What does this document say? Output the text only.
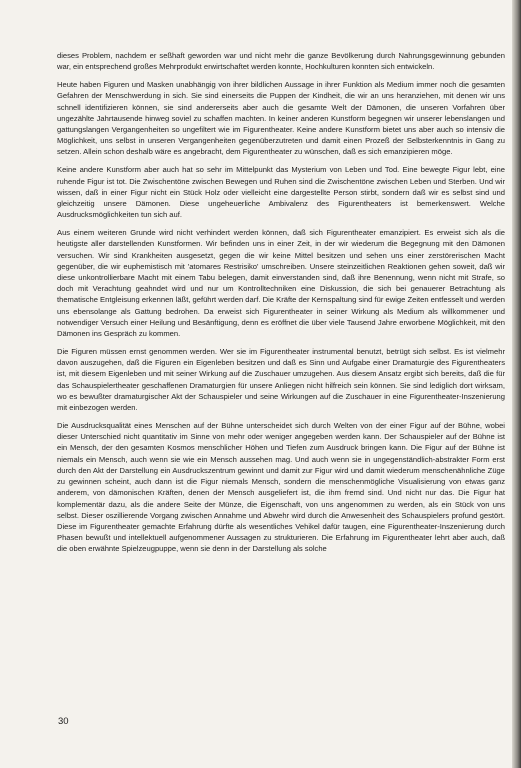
dieses Problem, nachdem er seßhaft geworden war und nicht mehr die ganze Bevölkerung durch Nahrungsgewinnung gebunden war, ein entsprechend großes Mehrprodukt erwirtschaftet werden konnte, Hochkulturen konnten sich entwickeln.

Heute haben Figuren und Masken unabhängig von ihrer bildlichen Aussage in ihrer Funktion als Medium immer noch die gesamten Gefahren der Menschwerdung in sich. Sie sind einerseits die Puppen der Kindheit, die wir an uns heranziehen, mit denen wir uns schnell identifizieren können, sie sind andererseits aber auch die gesamte Welt der Dämonen, die unseren Vorfahren über ungezählte Jahrtausende hinweg soviel zu schaffen machten. In keiner anderen Kunstform begegnen wir unserer lebenslangen und gattungslangen Vergangenheiten so ungefiltert wie im Figurentheater. Keine andere Kunstform bietet uns aber auch so intensiv die Möglichkeit, uns selbst in unseren Vergangenheiten gegenüberzutreten und damit einen Prozeß der Selbsterkenntnis in Gang zu setzen. Allein schon deshalb wäre es angebracht, dem Figurentheater zu wünschen, daß es sich emanzipieren möge.

Keine andere Kunstform aber auch hat so sehr im Mittelpunkt das Mysterium von Leben und Tod. Eine bewegte Figur lebt, eine ruhende Figur ist tot. Die Zwischentöne zwischen Bewegen und Ruhen sind die Zwischentöne zwischen Leben und Sterben. Und wir wissen, daß in einer Figur nicht ein Stück Holz oder vielleicht eine dargestellte Person stirbt, sondern daß wir es selbst sind und gleichzeitig unsere Dämonen. Diese ungeheuerliche Ambivalenz des Figurentheaters ist bemerkenswert. Welche Ausdrucksmöglichkeiten tun sich auf.

Aus einem weiteren Grunde wird nicht verhindert werden können, daß sich Figurentheater emanzipiert. Es erweist sich als die heutigste aller darstellenden Kunstformen. Wir befinden uns in einer Zeit, in der wir wiederum die Begegnung mit den Dämonen versuchen. Wir sind Krankheiten ausgesetzt, gegen die wir keine Mittel besitzen und sehen uns einer zerstörerischen Macht gegenüber, die wir euphemistisch mit 'atomares Restrisiko' umschreiben. Unsere steinzeitlichen Reaktionen gehen soweit, daß wir diese unkontrollierbare Macht mit einem Tabu belegen, damit einverstanden sind, daß ihre Benennung, wenn nicht mit Strafe, so doch mit Verachtung geahndet wird und nur um Kontrolltechniken eine Diskussion, die sich bei genauerer Betrachtung als thematische Entgleisung erkennen läßt, geführt werden darf. Die Kräfte der Kernspaltung sind für ewige Zeiten entfesselt und werden uns ebensolange als Gattung bedrohen. Da erweist sich Figurentheater in seiner Wirkung als Medium als willkommener und notwendiger Versuch einer Heilung und Besänftigung, denn es eröffnet die über viele Tausend Jahre erworbene Möglichkeit, mit den Dämonen ins Gespräch zu kommen.

Die Figuren müssen ernst genommen werden. Wer sie im Figurentheater instrumental benutzt, betrügt sich selbst. Es ist vielmehr davon auszugehen, daß die Figuren ein Eigenleben besitzen und daß es Sinn und Aufgabe einer Dramaturgie des Figurentheaters ist, mit diesem Eigenleben und mit seiner Wirkung auf die Zuschauer umzugehen. Aus diesem Ansatz ergibt sich bereits, daß die für das Schauspielertheater geschaffenen Dramaturgien für unsere Anliegen nicht hilfreich sein können. Sie sind lediglich dort wirksam, wo es bewußter dramaturgischer Akt der Schauspieler und seine Wirkungen auf die Zuschauer in eine Figurentheater-Inszenierung mit einbezogen werden.

Die Ausdrucksqualität eines Menschen auf der Bühne unterscheidet sich durch Welten von der einer Figur auf der Bühne, wobei dieser Unterschied nicht quantitativ im Sinne von mehr oder weniger angegeben werden kann. Der Schauspieler auf der Bühne ist ein Mensch, der den gesamten Kosmos menschlicher Höhen und Tiefen zum Ausdruck bringen kann. Die Figur auf der Bühne ist niemals ein Mensch, auch wenn sie wie ein Mensch aussehen mag. Und auch wenn sie in ungegenständlich-abstrakter Form erst durch den Akt der Darstellung ein Ausdruckszentrum gewinnt und damit zur Figur wird und damit wiederum menschenähnliche Züge zu gewinnen scheint, auch dann ist die Figur niemals Mensch, sondern die menschenmögliche Visualisierung von etwas ganz anderem, von dämonischen Kräften, denen der Mensch ausgeliefert ist, die ihm fremd sind. Und nicht nur das. Die Figur hat komplementär dazu, als die andere Seite der Münze, die Eigenschaft, von uns angenommen zu werden, als ein Stück von uns selbst. Dieser oszillierende Vorgang zwischen Annahme und Abwehr wird durch die Anwesenheit des Schauspielers profund gestört. Diese im Figurentheater gemachte Erfahrung dürfte als wesentliches Vehikel dafür taugen, eine Figurentheater-Inszenierung durch Phasen bewußt und intellektuell aufgenommener Aussagen zu strukturieren. Die Erfahrung im Figurentheater lehrt aber auch, daß die oben erwähnte Spielzeugpuppe, wenn sie denn in der Darstellung als solche

30
